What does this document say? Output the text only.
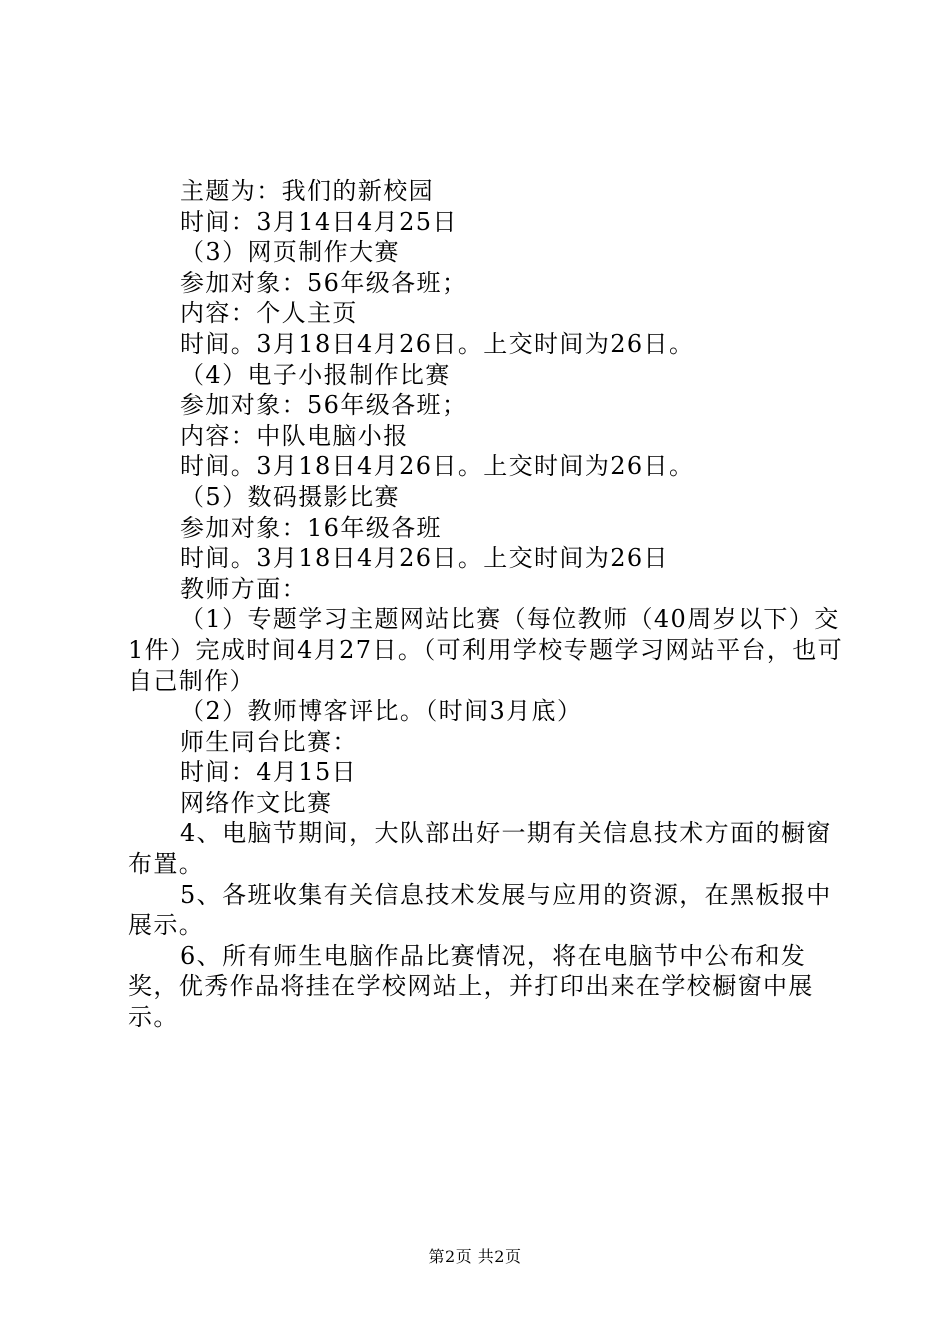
主题为：我们的新校园
时间：3月14日4月25日
（3）网页制作大赛
参加对象：56年级各班；
内容：个人主页
时间。3月18日4月26日。上交时间为26日。
（4）电子小报制作比赛
参加对象：56年级各班；
内容：中队电脑小报
时间。3月18日4月26日。上交时间为26日。
（5）数码摄影比赛
参加对象：16年级各班
时间。3月18日4月26日。上交时间为26日
教师方面：
（1）专题学习主题网站比赛（每位教师（40周岁以下）交1件）完成时间4月27日。（可利用学校专题学习网站平台，也可自己制作）
（2）教师博客评比。（时间3月底）
师生同台比赛：
时间：4月15日
网络作文比赛
4、电脑节期间，大队部出好一期有关信息技术方面的橱窗布置。
5、各班收集有关信息技术发展与应用的资源，在黑板报中展示。
6、所有师生电脑作品比赛情况，将在电脑节中公布和发奖，优秀作品将挂在学校网站上，并打印出来在学校橱窗中展示。
第2页 共2页
